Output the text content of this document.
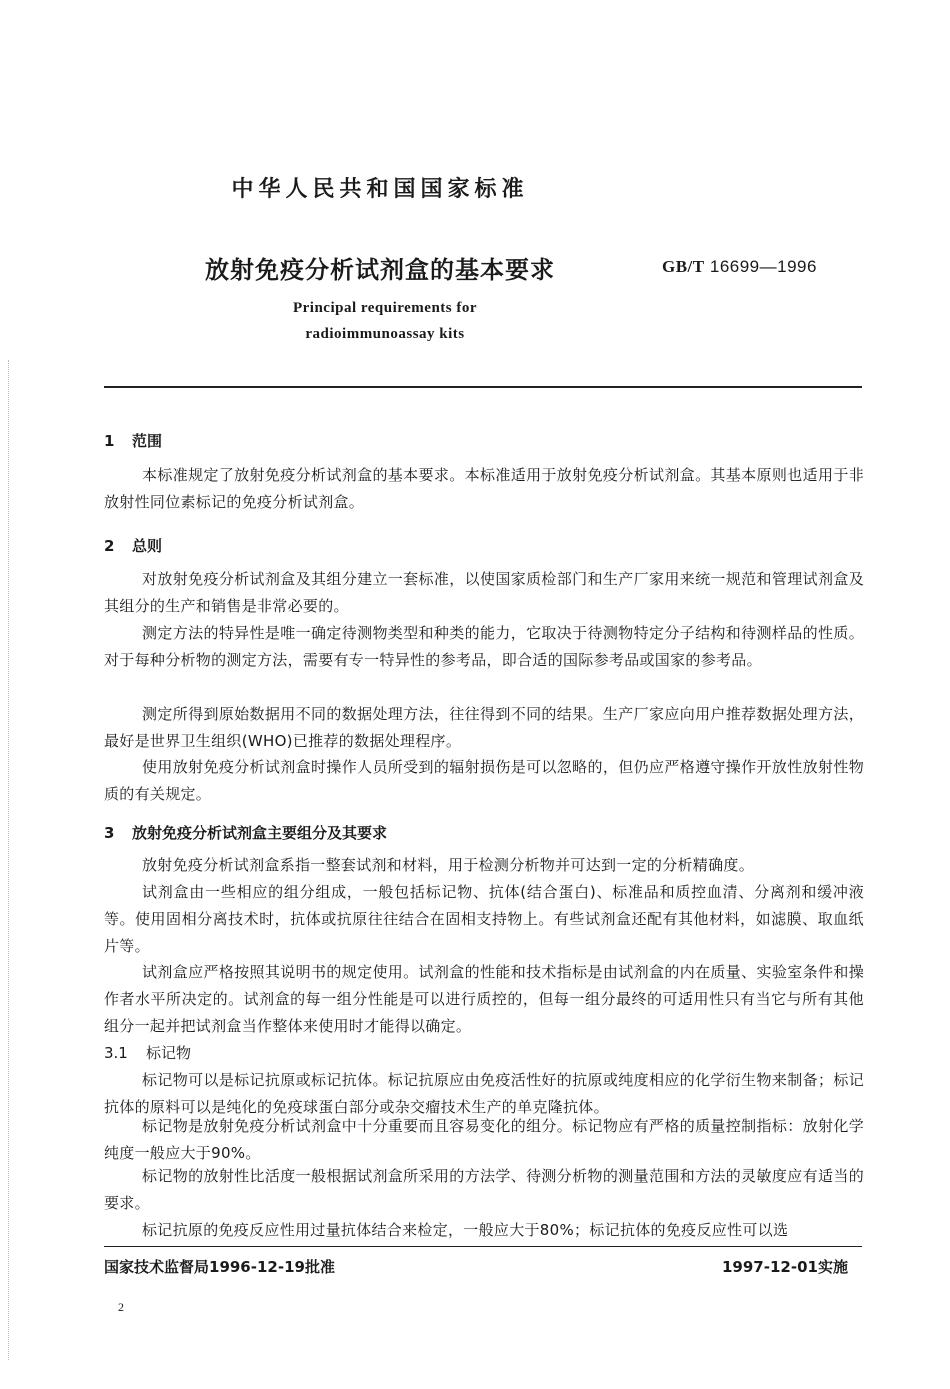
中华人民共和国国家标准
放射免疫分析试剂盒的基本要求	GB/T 16699—1996
Principal requirements for
radioimmunoassay kits
1 范围

本标准规定了放射免疫分析试剂盒的基本要求。本标准适用于放射免疫分析试剂盒。其基本原则也适用于非放射性同位素标记的免疫分析试剂盒。

2 总则

对放射免疫分析试剂盒及其组分建立一套标准，以使国家质检部门和生产厂家用来统一规范和管理试剂盒及其组分的生产和销售是非常必要的。

测定方法的特异性是唯一确定待测物类型和种类的能力，它取决于待测物特定分子结构和待测样品的性质。对于每种分析物的测定方法，需要有专一特异性的参考品，即合适的国际参考品或国家的参考品。

测定所得到原始数据用不同的数据处理方法，往往得到不同的结果。生产厂家应向用户推荐数据处理方法，最好是世界卫生组织(WHO)已推荐的数据处理程序。

使用放射免疫分析试剂盒时操作人员所受到的辐射损伤是可以忽略的，但仍应严格遵守操作开放性放射性物质的有关规定。

3 放射免疫分析试剂盒主要组分及其要求

放射免疫分析试剂盒系指一整套试剂和材料，用于检测分析物并可达到一定的分析精确度。

试剂盒由一些相应的组分组成，一般包括标记物、抗体(结合蛋白)、标准品和质控血清、分离剂和缓冲液等。使用固相分离技术时，抗体或抗原往往结合在固相支持物上。有些试剂盒还配有其他材料，如滤膜、取血纸片等。

试剂盒应严格按照其说明书的规定使用。试剂盒的性能和技术指标是由试剂盒的内在质量、实验室条件和操作者水平所决定的。试剂盒的每一组分性能是可以进行质控的，但每一组分最终的可适用性只有当它与所有其他组分一起并把试剂盒当作整体来使用时才能得以确定。

3.1 标记物

标记物可以是标记抗原或标记抗体。标记抗原应由免疫活性好的抗原或纯度相应的化学衍生物来制备；标记抗体的原料可以是纯化的免疫球蛋白部分或杂交瘤技术生产的单克隆抗体。

标记物是放射免疫分析试剂盒中十分重要而且容易变化的组分。标记物应有严格的质量控制指标：放射化学纯度一般应大于90%。

标记物的放射性比活度一般根据试剂盒所采用的方法学、待测分析物的测量范围和方法的灵敏度应有适当的要求。

标记抗原的免疫反应性用过量抗体结合来检定，一般应大于80%；标记抗体的免疫反应性可以选

国家技术监督局1996-12-19批准	1997-12-01实施
2
